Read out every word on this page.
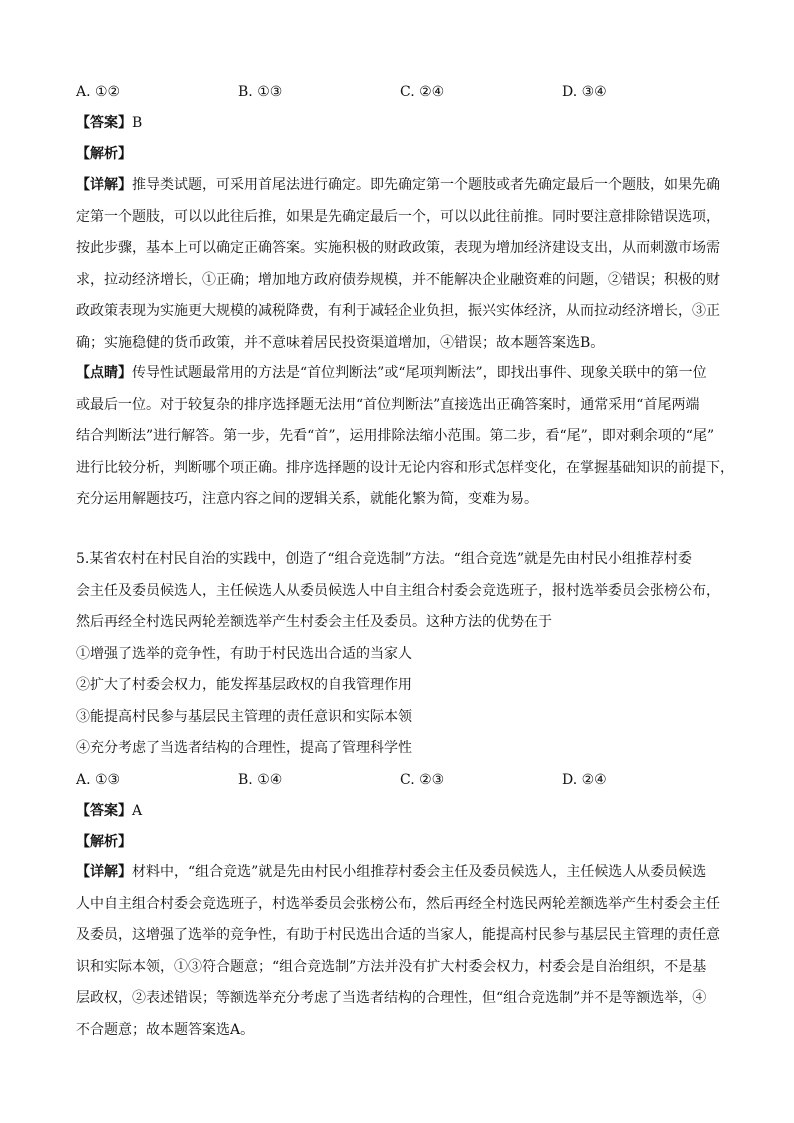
A. ①②	B. ①③	C. ②④	D. ③④
【答案】B
【解析】

【详解】推导类试题，可采用首尾法进行确定。即先确定第一个题肢或者先确定最后一个题肢，如果先确

定第一个题肢，可以以此往后推，如果是先确定最后一个，可以以此往前推。同时要注意排除错误选项，

按此步骤，基本上可以确定正确答案。实施积极的财政政策，表现为增加经济建设支出，从而刺激市场需

求，拉动经济增长，①正确；增加地方政府债券规模，并不能解决企业融资难的问题，②错误；积极的财

政政策表现为实施更大规模的减税降费，有利于减轻企业负担，振兴实体经济，从而拉动经济增长，③正

确；实施稳健的货币政策，并不意味着居民投资渠道增加，④错误；故本题答案选B。

【点睛】传导性试题最常用的方法是“首位判断法”或“尾项判断法”，即找出事件、现象关联中的第一位

或最后一位。对于较复杂的排序选择题无法用“首位判断法”直接选出正确答案时，通常采用“首尾两端

结合判断法”进行解答。第一步，先看“首”，运用排除法缩小范围。第二步，看“尾”，即对剩余项的“尾”

进行比较分析，判断哪个项正确。排序选择题的设计无论内容和形式怎样变化，在掌握基础知识的前提下，

充分运用解题技巧，注意内容之间的逻辑关系，就能化繁为简，变难为易。

5.某省农村在村民自治的实践中，创造了“组合竞选制”方法。“组合竞选”就是先由村民小组推荐村委

会主任及委员候选人，主任候选人从委员候选人中自主组合村委会竞选班子，报村选举委员会张榜公布，

然后再经全村选民两轮差额选举产生村委会主任及委员。这种方法的优势在于

①增强了选举的竞争性，有助于村民选出合适的当家人

②扩大了村委会权力，能发挥基层政权的自我管理作用

③能提高村民参与基层民主管理的责任意识和实际本领

④充分考虑了当选者结构的合理性，提高了管理科学性

A. ①③	B. ①④	C. ②③	D. ②④
【答案】A
【解析】

【详解】材料中，“组合竞选”就是先由村民小组推荐村委会主任及委员候选人，主任候选人从委员候选

人中自主组合村委会竞选班子，村选举委员会张榜公布，然后再经全村选民两轮差额选举产生村委会主任

及委员，这增强了选举的竞争性，有助于村民选出合适的当家人，能提高村民参与基层民主管理的责任意

识和实际本领，①③符合题意；“组合竞选制”方法并没有扩大村委会权力，村委会是自治组织，不是基

层政权，②表述错误；等额选举充分考虑了当选者结构的合理性，但“组合竞选制”并不是等额选举，④

不合题意；故本题答案选A。
